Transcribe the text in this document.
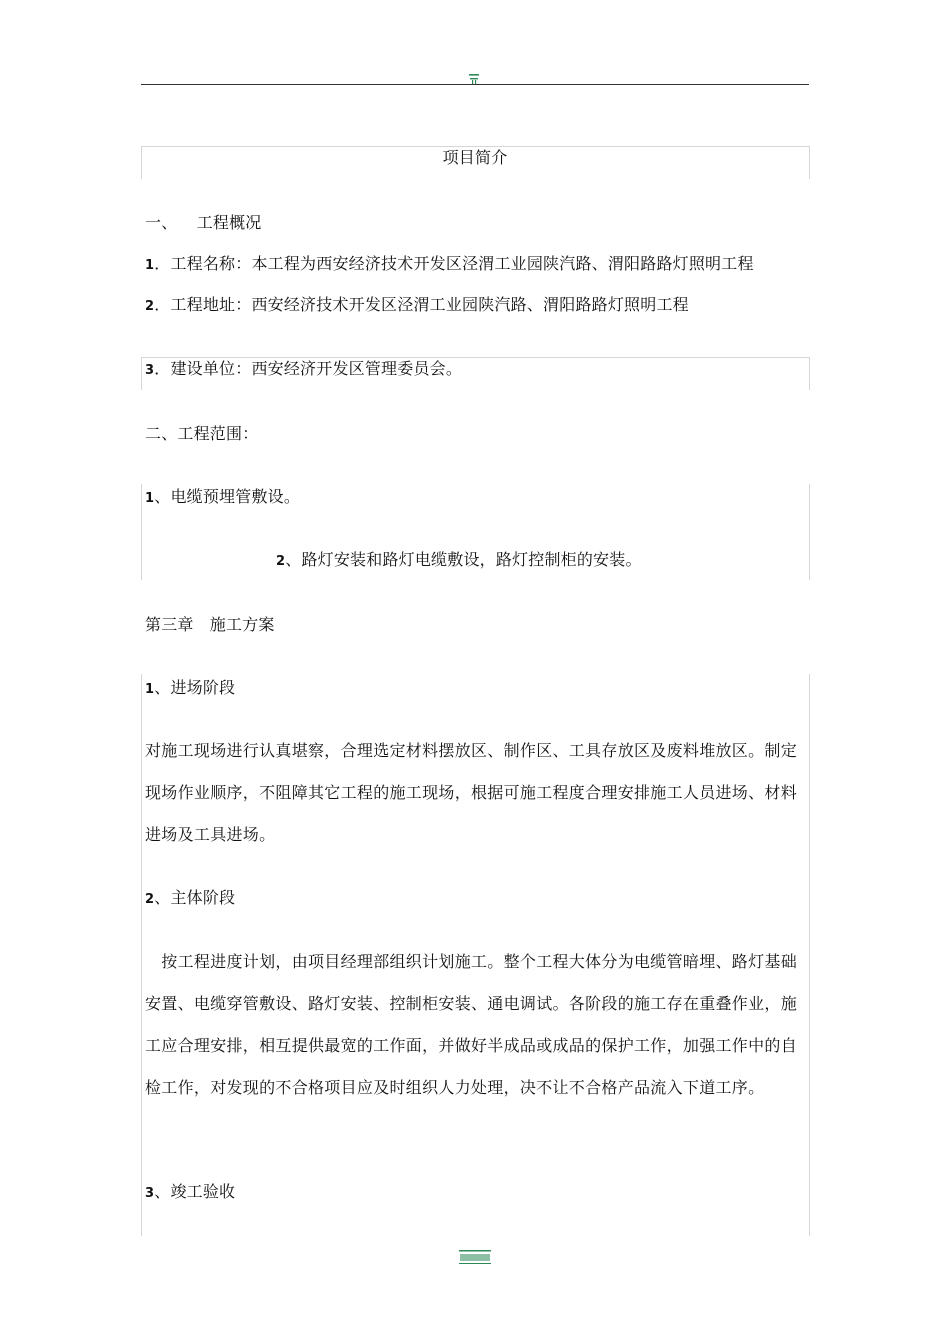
项目简介
一、 工程概况
1．工程名称：本工程为西安经济技术开发区泾渭工业园陕汽路、渭阳路路灯照明工程
2．工程地址：西安经济技术开发区泾渭工业园陕汽路、渭阳路路灯照明工程
3．建设单位：西安经济开发区管理委员会。
二、工程范围：
1、电缆预埋管敷设。
2、路灯安装和路灯电缆敷设，路灯控制柜的安装。
第三章　施工方案
1、进场阶段
对施工现场进行认真堪察，合理选定材料摆放区、制作区、工具存放区及废料堆放区。制定现场作业顺序，不阻障其它工程的施工现场，根据可施工程度合理安排施工人员进场、材料进场及工具进场。
2、主体阶段
　按工程进度计划，由项目经理部组织计划施工。整个工程大体分为电缆管暗埋、路灯基础安置、电缆穿管敷设、路灯安装、控制柜安装、通电调试。各阶段的施工存在重叠作业，施工应合理安排，相互提供最宽的工作面，并做好半成品或成品的保护工作，加强工作中的自检工作，对发现的不合格项目应及时组织人力处理，决不让不合格产品流入下道工序。
3、竣工验收
